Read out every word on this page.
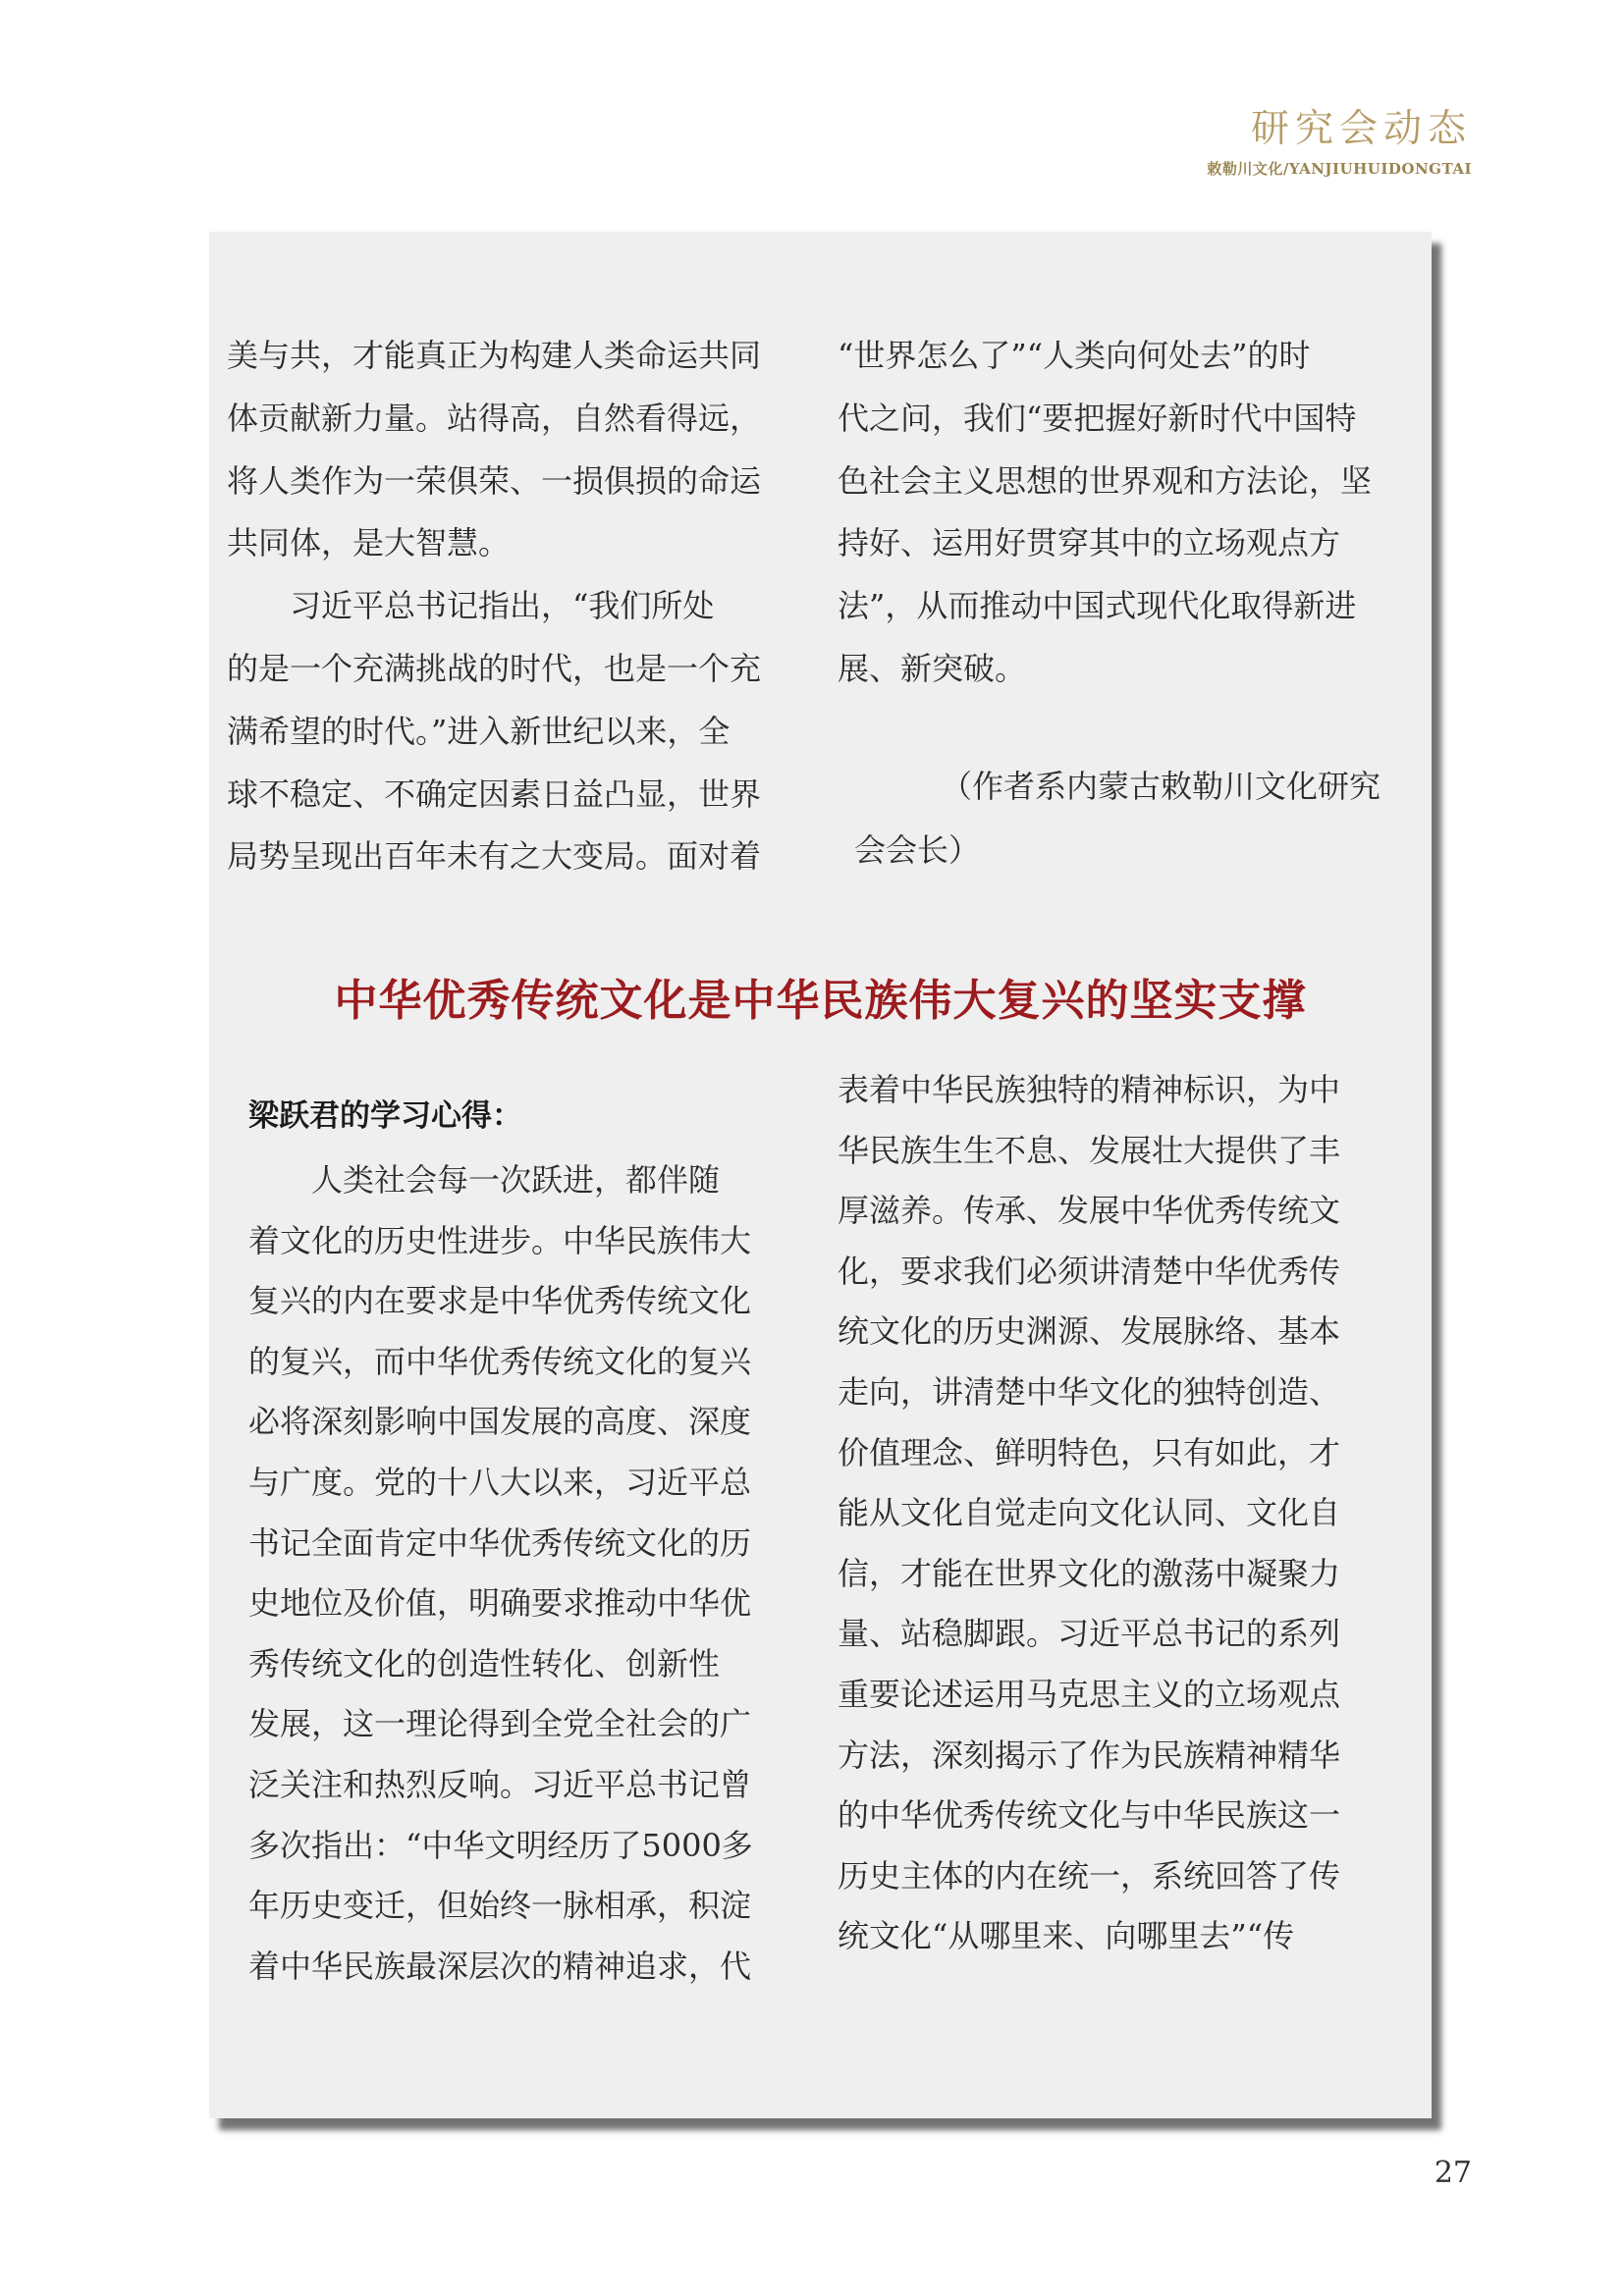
研究会动态
敕勒川文化/YANJIUHUIDONGTAI
美与共，才能真正为构建人类命运共同
体贡献新力量。站得高，自然看得远，
将人类作为一荣俱荣、一损俱损的命运
共同体，是大智慧。
　　习近平总书记指出，“我们所处
的是一个充满挑战的时代，也是一个充
满希望的时代。”进入新世纪以来，全
球不稳定、不确定因素日益凸显，世界
局势呈现出百年未有之大变局。面对着
“世界怎么了”“人类向何处去”的时
代之问，我们“要把握好新时代中国特
色社会主义思想的世界观和方法论，坚
持好、运用好贯穿其中的立场观点方
法”，从而推动中国式现代化取得新进
展、新突破。
（作者系内蒙古敕勒川文化研究
会会长）
中华优秀传统文化是中华民族伟大复兴的坚实支撑
梁跃君的学习心得：
　　人类社会每一次跃进，都伴随
着文化的历史性进步。中华民族伟大
复兴的内在要求是中华优秀传统文化
的复兴，而中华优秀传统文化的复兴
必将深刻影响中国发展的高度、深度
与广度。党的十八大以来，习近平总
书记全面肯定中华优秀传统文化的历
史地位及价值，明确要求推动中华优
秀传统文化的创造性转化、创新性
发展，这一理论得到全党全社会的广
泛关注和热烈反响。习近平总书记曾
多次指出：“中华文明经历了5000多
年历史变迁，但始终一脉相承，积淀
着中华民族最深层次的精神追求，代
表着中华民族独特的精神标识，为中
华民族生生不息、发展壮大提供了丰
厚滋养。传承、发展中华优秀传统文
化，要求我们必须讲清楚中华优秀传
统文化的历史渊源、发展脉络、基本
走向，讲清楚中华文化的独特创造、
价值理念、鲜明特色，只有如此，才
能从文化自觉走向文化认同、文化自
信，才能在世界文化的激荡中凝聚力
量、站稳脚跟。习近平总书记的系列
重要论述运用马克思主义的立场观点
方法，深刻揭示了作为民族精神精华
的中华优秀传统文化与中华民族这一
历史主体的内在统一，系统回答了传
统文化“从哪里来、向哪里去”“传
27
